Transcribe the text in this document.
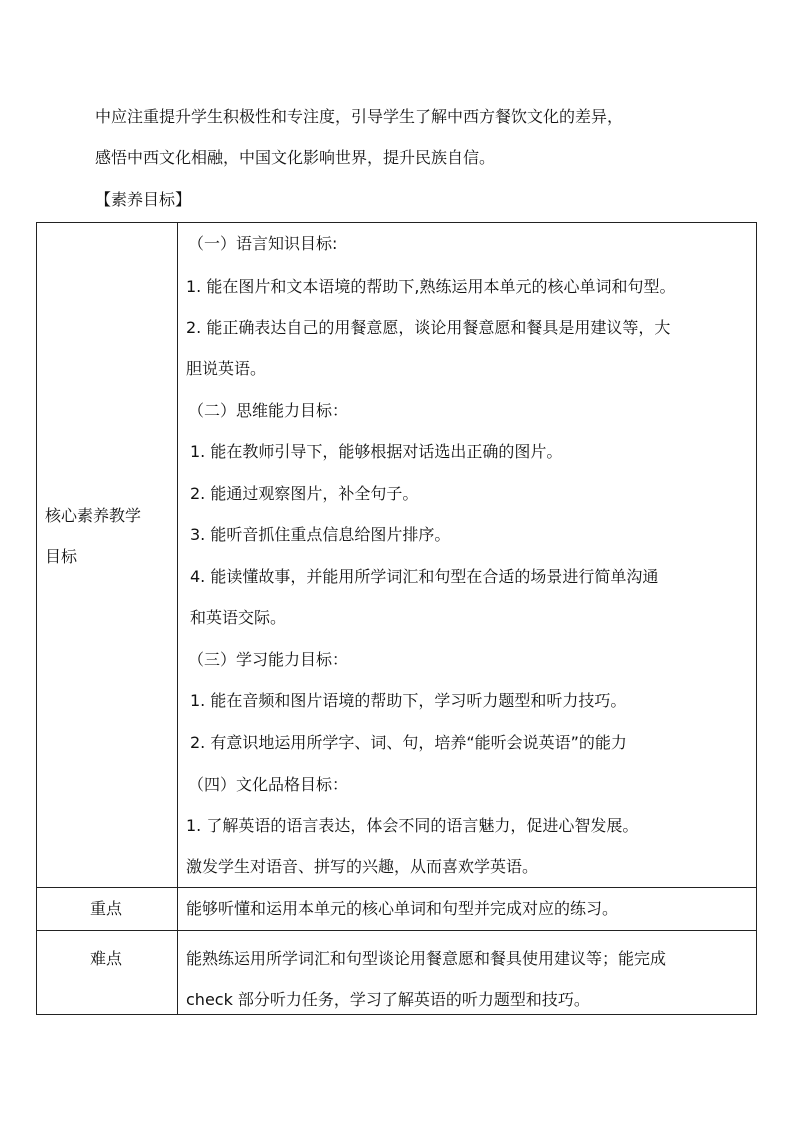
中应注重提升学生积极性和专注度，引导学生了解中西方餐饮文化的差异，
感悟中西文化相融，中国文化影响世界，提升民族自信。
【素养目标】
核心素养教学
目标
（一）语言知识目标:
1. 能在图片和文本语境的帮助下,熟练运用本单元的核心单词和句型。
2. 能正确表达自己的用餐意愿，谈论用餐意愿和餐具是用建议等，大
胆说英语。
（二）思维能力目标：
1. 能在教师引导下，能够根据对话选出正确的图片。
2. 能通过观察图片，补全句子。
3. 能听音抓住重点信息给图片排序。
4. 能读懂故事，并能用所学词汇和句型在合适的场景进行简单沟通
和英语交际。
（三）学习能力目标：
1. 能在音频和图片语境的帮助下，学习听力题型和听力技巧。
2. 有意识地运用所学字、词、句，培养“能听会说英语”的能力
（四）文化品格目标：
1. 了解英语的语言表达，体会不同的语言魅力，促进心智发展。
激发学生对语音、拼写的兴趣，从而喜欢学英语。
重点	能够听懂和运用本单元的核心单词和句型并完成对应的练习。
难点	能熟练运用所学词汇和句型谈论用餐意愿和餐具使用建议等；能完成
check 部分听力任务，学习了解英语的听力题型和技巧。
